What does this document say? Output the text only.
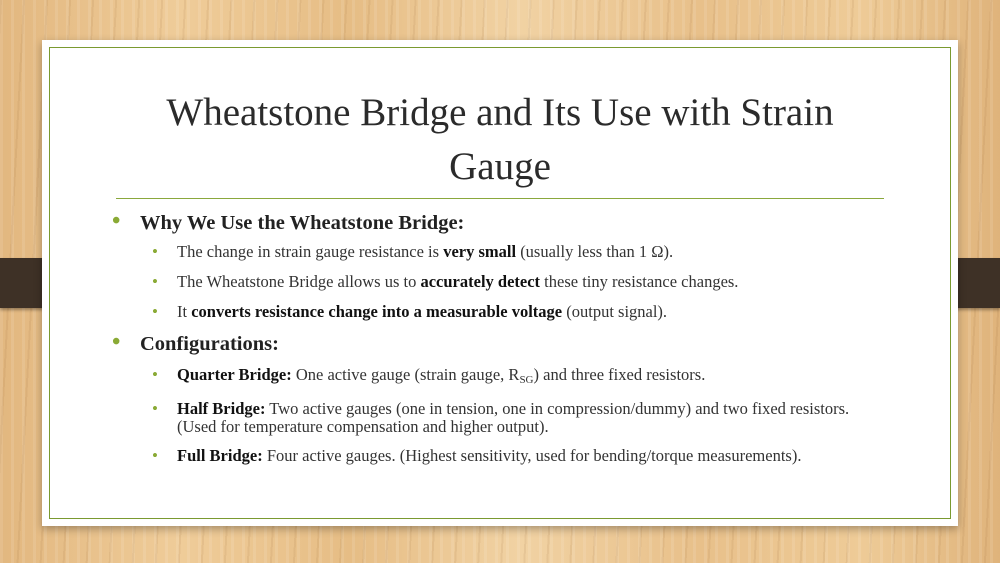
Wheatstone Bridge and Its Use with Strain
Gauge
• Why We Use the Wheatstone Bridge:
• The change in strain gauge resistance is very small (usually less than 1 Ω).
• The Wheatstone Bridge allows us to accurately detect these tiny resistance changes.
• It converts resistance change into a measurable voltage (output signal).
• Configurations:
• Quarter Bridge: One active gauge (strain gauge, $R_{SG}$) and three fixed resistors.
• Half Bridge: Two active gauges (one in tension, one in compression/dummy) and two fixed resistors. (Used for temperature compensation and higher output).
• Full Bridge: Four active gauges. (Highest sensitivity, used for bending/torque measurements).
